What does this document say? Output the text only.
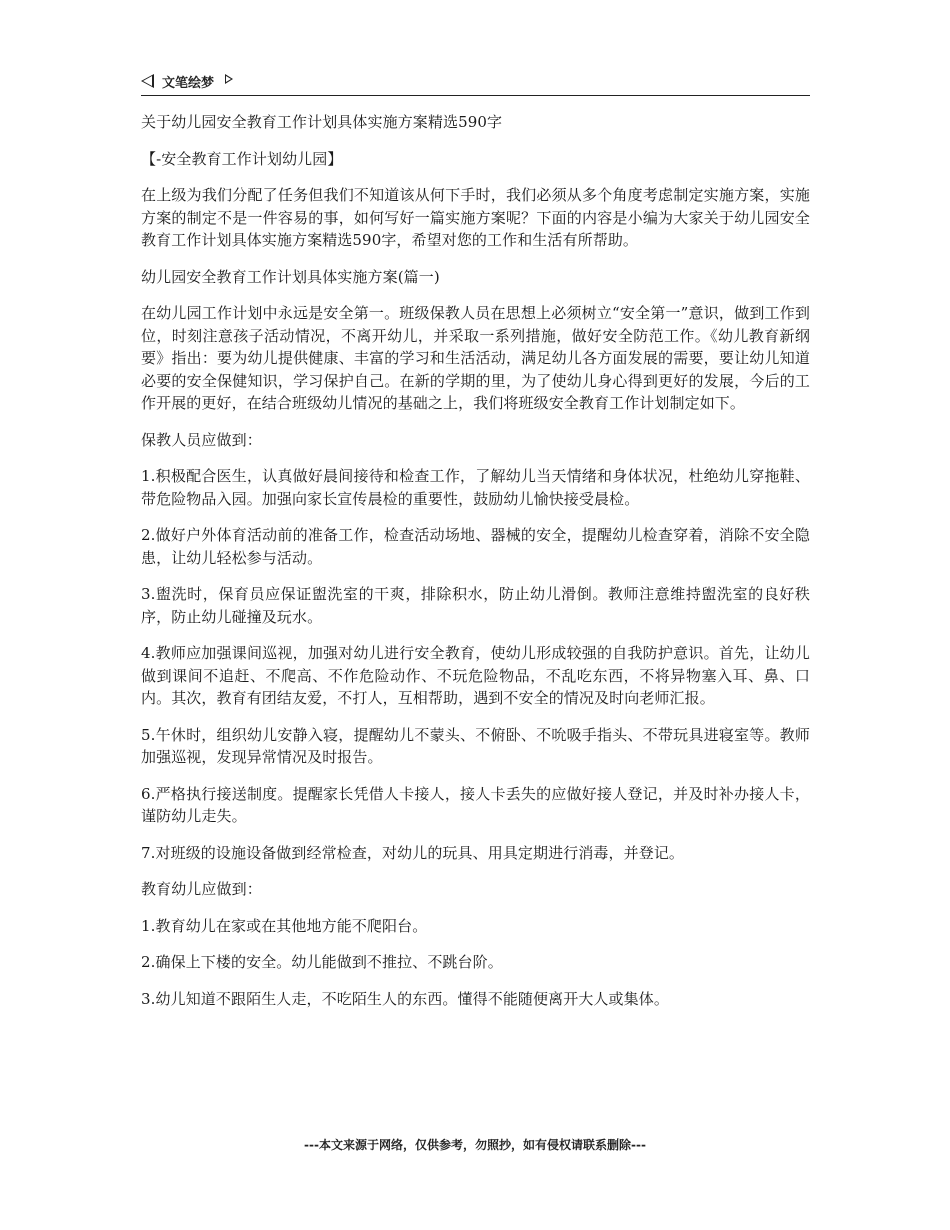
文笔绘梦

关于幼儿园安全教育工作计划具体实施方案精选590字

【-安全教育工作计划幼儿园】

在上级为我们分配了任务但我们不知道该从何下手时，我们必须从多个角度考虑制定实施方案，实施方案的制定不是一件容易的事，如何写好一篇实施方案呢？下面的内容是小编为大家关于幼儿园安全教育工作计划具体实施方案精选590字，希望对您的工作和生活有所帮助。

幼儿园安全教育工作计划具体实施方案(篇一)

在幼儿园工作计划中永远是安全第一。班级保教人员在思想上必须树立“安全第一”意识，做到工作到位，时刻注意孩子活动情况，不离开幼儿，并采取一系列措施，做好安全防范工作。《幼儿教育新纲要》指出：要为幼儿提供健康、丰富的学习和生活活动，满足幼儿各方面发展的需要，要让幼儿知道必要的安全保健知识，学习保护自己。在新的学期的里，为了使幼儿身心得到更好的发展，今后的工作开展的更好，在结合班级幼儿情况的基础之上，我们将班级安全教育工作计划制定如下。

保教人员应做到：

1.积极配合医生，认真做好晨间接待和检查工作，了解幼儿当天情绪和身体状况，杜绝幼儿穿拖鞋、带危险物品入园。加强向家长宣传晨检的重要性，鼓励幼儿愉快接受晨检。

2.做好户外体育活动前的准备工作，检查活动场地、器械的安全，提醒幼儿检查穿着，消除不安全隐患，让幼儿轻松参与活动。

3.盥洗时，保育员应保证盥洗室的干爽，排除积水，防止幼儿滑倒。教师注意维持盥洗室的良好秩序，防止幼儿碰撞及玩水。

4.教师应加强课间巡视，加强对幼儿进行安全教育，使幼儿形成较强的自我防护意识。首先，让幼儿做到课间不追赶、不爬高、不作危险动作、不玩危险物品，不乱吃东西，不将异物塞入耳、鼻、口内。其次，教育有团结友爱，不打人，互相帮助，遇到不安全的情况及时向老师汇报。

5.午休时，组织幼儿安静入寝，提醒幼儿不蒙头、不俯卧、不吮吸手指头、不带玩具进寝室等。教师加强巡视，发现异常情况及时报告。

6.严格执行接送制度。提醒家长凭借人卡接人，接人卡丢失的应做好接人登记，并及时补办接人卡，谨防幼儿走失。

7.对班级的设施设备做到经常检查，对幼儿的玩具、用具定期进行消毒，并登记。

教育幼儿应做到：

1.教育幼儿在家或在其他地方能不爬阳台。

2.确保上下楼的安全。幼儿能做到不推拉、不跳台阶。

3.幼儿知道不跟陌生人走，不吃陌生人的东西。懂得不能随便离开大人或集体。

---本文来源于网络，仅供参考，勿照抄，如有侵权请联系删除---
